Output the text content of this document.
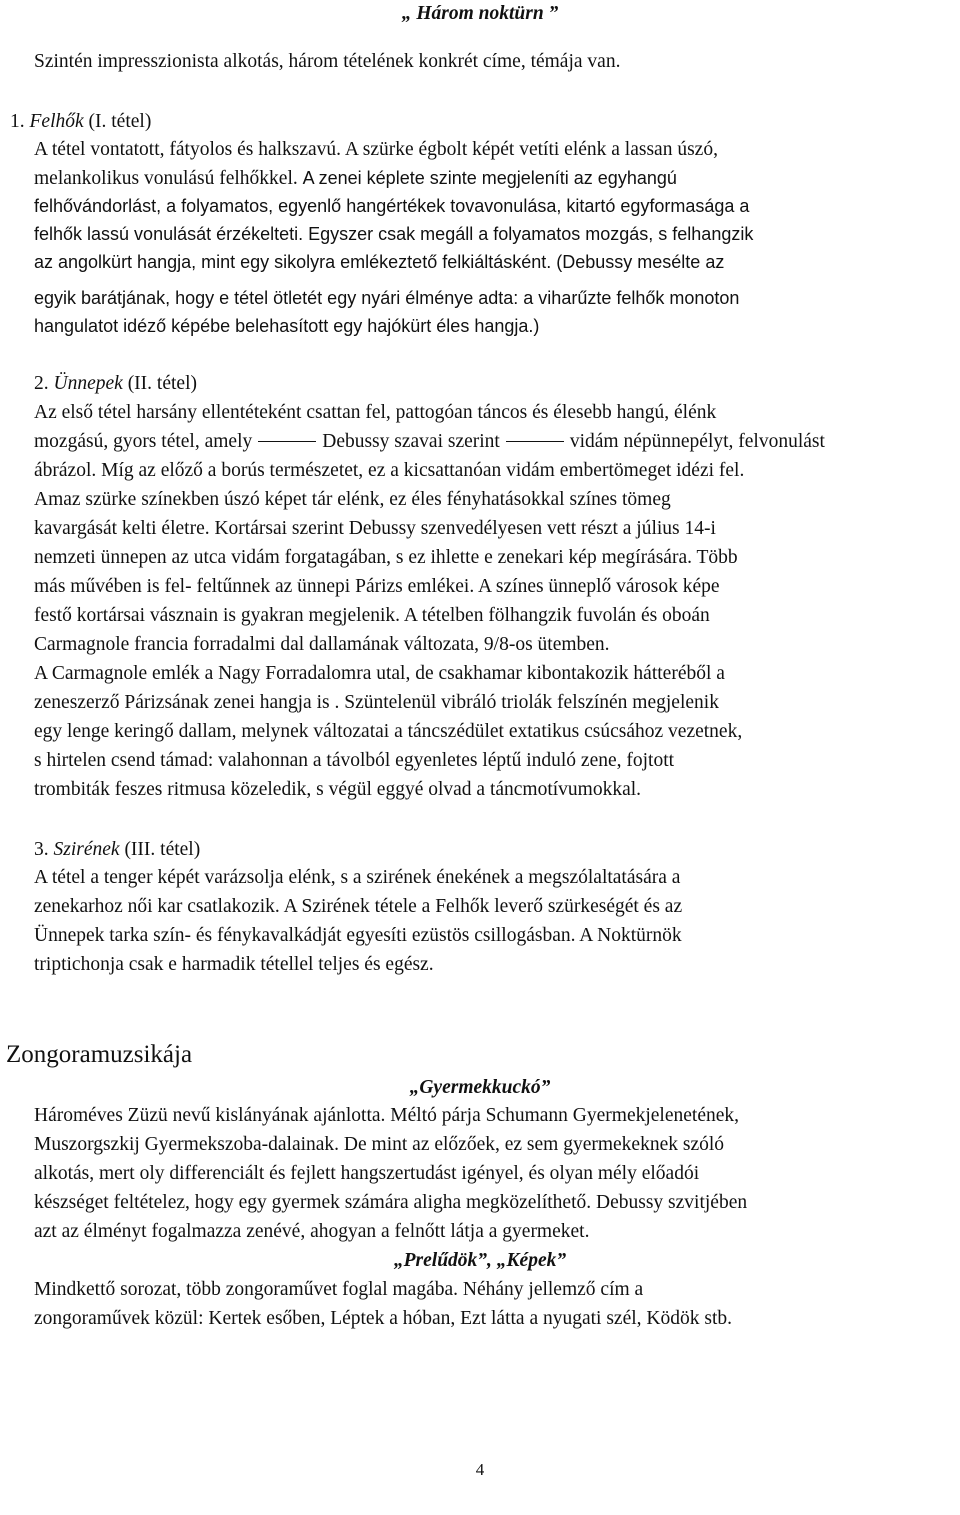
„ Három noktürn ”
Szintén impresszionista alkotás, három tételének konkrét címe, témája van.
1. Felhők (I. tétel)
A tétel vontatott, fátyolos és halkszavú. A szürke égbolt képét vetíti elénk a lassan úszó,
melankolikus vonulású felhőkkel. A zenei képlete szinte megjeleníti az egyhangú
felhővándorlást, a folyamatos, egyenlő hangértékek tovavonulása, kitartó egyformasága a
felhők lassú vonulását érzékelteti. Egyszer csak megáll a folyamatos mozgás, s felhangzik
az angolkürt hangja, mint egy sikolyra emlékeztető felkiáltásként. (Debussy mesélte az
egyik barátjának, hogy e tétel ötletét egy nyári élménye adta: a viharűzte felhők monoton
hangulatot idéző képébe belehasított egy hajókürt éles hangja.)
2. Ünnepek (II. tétel)
Az első tétel harsány ellentéteként csattan fel, pattogóan táncos és élesebb hangú, élénk
mozgású, gyors tétel, amely	Debussy szavai szerint	vidám népünnepélyt, felvonulást
ábrázol. Míg az előző a borús természetet, ez a kicsattanóan vidám embertömeget idézi fel.
Amaz szürke színekben úszó képet tár elénk, ez éles fényhatásokkal színes tömeg
kavargását kelti életre. Kortársai szerint Debussy szenvedélyesen vett részt a július 14-i
nemzeti ünnepen az utca vidám forgatagában, s ez ihlette e zenekari kép megírására. Több
más művében is fel- feltűnnek az ünnepi Párizs emlékei. A színes ünneplő városok képe
festő kortársai vásznain is gyakran megjelenik. A tételben fölhangzik fuvolán és oboán
Carmagnole francia forradalmi dal dallamának változata, 9/8-os ütemben.
A Carmagnole emlék a Nagy Forradalomra utal, de csakhamar kibontakozik hátteréből a
zeneszerző Párizsának zenei hangja is . Szüntelenül vibráló triolák felszínén megjelenik
egy lenge keringő dallam, melynek változatai a táncszédület extatikus csúcsához vezetnek,
s hirtelen csend támad: valahonnan a távolból egyenletes léptű induló zene, fojtott
trombiták feszes ritmusa közeledik, s végül eggyé olvad a táncmotívumokkal.
3. Szirének (III. tétel)
A tétel a tenger képét varázsolja elénk, s a szirének énekének a megszólaltatására a
zenekarhoz női kar csatlakozik. A Szirének tétele a Felhők leverő szürkeségét és az
Ünnepek tarka szín- és fénykavalkádját egyesíti ezüstös csillogásban. A Noktürnök
triptichonja csak e harmadik tétellel teljes és egész.
Zongoramuzsikája
„Gyermekkuckó”
Hároméves Züzü nevű kislányának ajánlotta. Méltó párja Schumann Gyermekjelenetének,
Muszorgszkij Gyermekszoba-dalainak. De mint az előzőek, ez sem gyermekeknek szóló
alkotás, mert oly differenciált és fejlett hangszertudást igényel, és olyan mély előadói
készséget feltételez, hogy egy gyermek számára aligha megközelíthető. Debussy szvitjében
azt az élményt fogalmazza zenévé, ahogyan a felnőtt látja a gyermeket.
„Prelűdök”, „Képek”
Mindkettő sorozat, több zongoraművet foglal magába. Néhány jellemző cím a
zongoraművek közül: Kertek esőben, Léptek a hóban, Ezt látta a nyugati szél, Ködök stb.
4
